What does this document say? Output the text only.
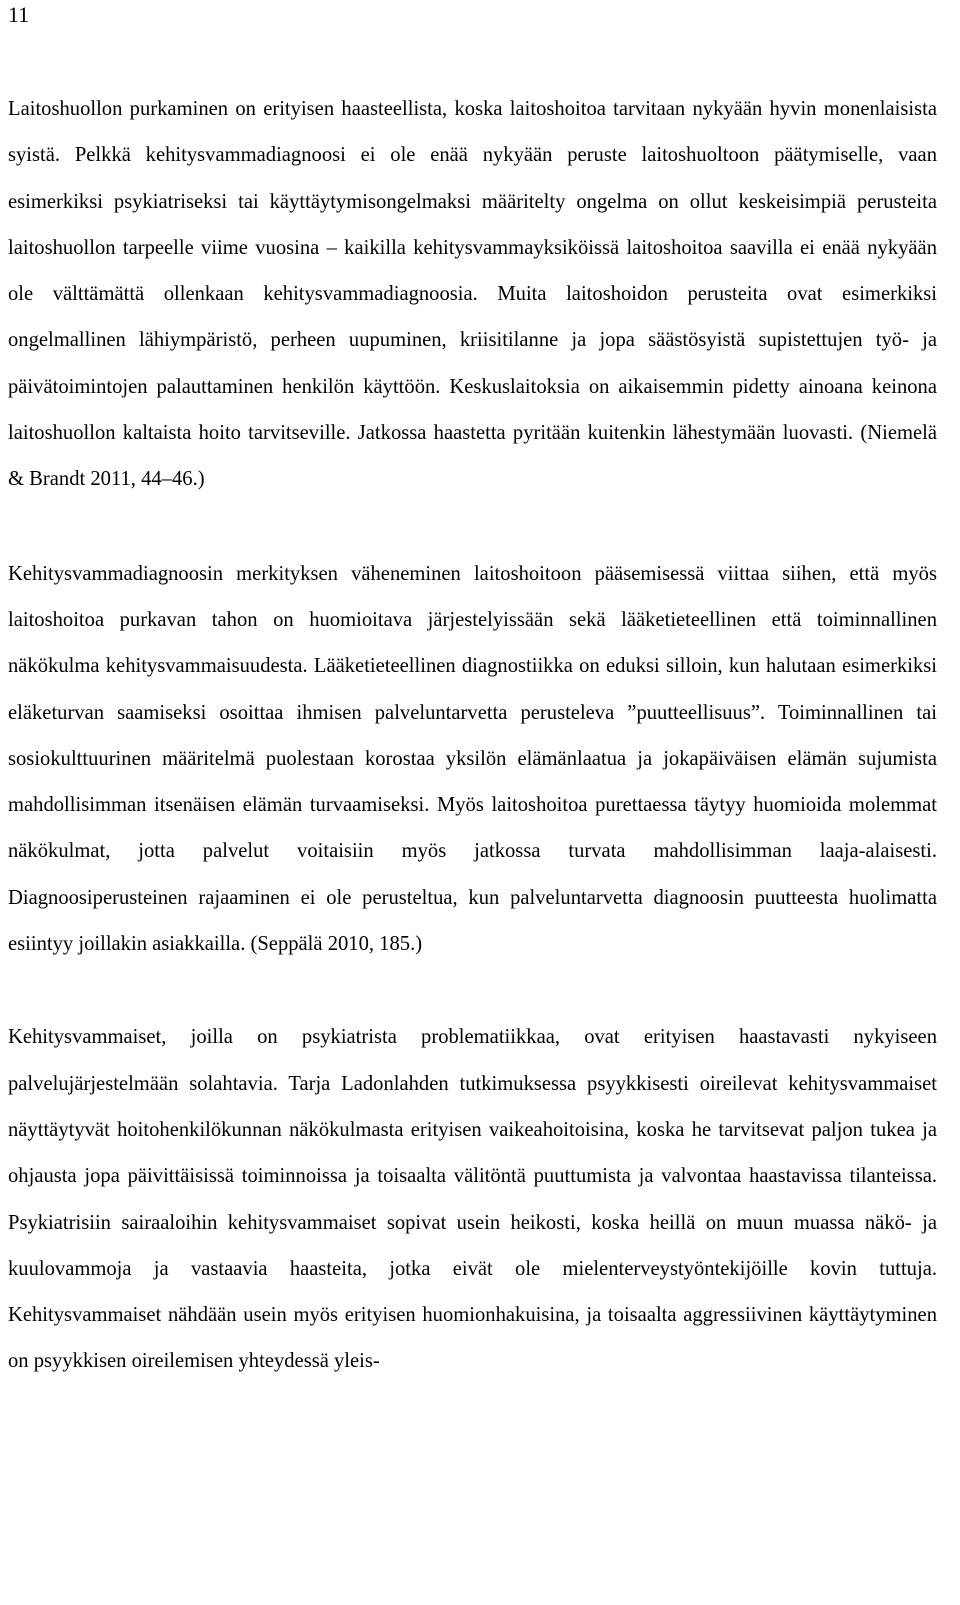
11

Laitoshuollon purkaminen on erityisen haasteellista, koska laitoshoitoa tarvitaan nykyään hyvin monenlaisista syistä. Pelkkä kehitysvammadiagnoosi ei ole enää nykyään peruste laitoshuoltoon päätymiselle, vaan esimerkiksi psykiatriseksi tai käyttäytymisongelmaksi määritelty ongelma on ollut keskeisimpiä perusteita laitoshuollon tarpeelle viime vuosina – kaikilla kehitysvammayksiköissä laitoshoitoa saavilla ei enää nykyään ole välttämättä ollenkaan kehitysvammadiagnoosia. Muita laitoshoidon perusteita ovat esimerkiksi ongelmallinen lähiympäristö, perheen uupuminen, kriisitilanne ja jopa säästösyistä supistettujen työ- ja päivätoimintojen palauttaminen henkilön käyttöön. Keskuslaitoksia on aikaisemmin pidetty ainoana keinona laitoshuollon kaltaista hoito tarvitseville. Jatkossa haastetta pyritään kuitenkin lähestymään luovasti. (Niemelä & Brandt 2011, 44–46.)

Kehitysvammadiagnoosin merkityksen väheneminen laitoshoitoon pääsemisessä viittaa siihen, että myös laitoshoitoa purkavan tahon on huomioitava järjestelyissään sekä lääketieteellinen että toiminnallinen näkökulma kehitysvammaisuudesta. Lääketieteellinen diagnostiikka on eduksi silloin, kun halutaan esimerkiksi eläketurvan saamiseksi osoittaa ihmisen palveluntarvetta perusteleva ”puutteellisuus”. Toiminnallinen tai sosiokulttuurinen määritelmä puolestaan korostaa yksilön elämänlaatua ja jokapäiväisen elämän sujumista mahdollisimman itsenäisen elämän turvaamiseksi. Myös laitoshoitoa purettaessa täytyy huomioida molemmat näkökulmat, jotta palvelut voitaisiin myös jatkossa turvata mahdollisimman laaja-alaisesti. Diagnoosiperusteinen rajaaminen ei ole perusteltua, kun palveluntarvetta diagnoosin puutteesta huolimatta esiintyy joillakin asiakkailla. (Seppälä 2010, 185.)

Kehitysvammaiset, joilla on psykiatrista problematiikkaa, ovat erityisen haastavasti nykyiseen palvelujärjestelmään solahtavia. Tarja Ladonlahden tutkimuksessa psyykkisesti oireilevat kehitysvammaiset näyttäytyvät hoitohenkilökunnan näkökulmasta erityisen vaikeahoitoisina, koska he tarvitsevat paljon tukea ja ohjausta jopa päivittäisissä toiminnoissa ja toisaalta välitöntä puuttumista ja valvontaa haastavissa tilanteissa. Psykiatrisiin sairaaloihin kehitysvammaiset sopivat usein heikosti, koska heillä on muun muassa näkö- ja kuulovammoja ja vastaavia haasteita, jotka eivät ole mielenterveystyöntekijöille kovin tuttuja. Kehitysvammaiset nähdään usein myös erityisen huomionhakuisina, ja toisaalta aggressiivinen käyttäytyminen on psyykkisen oireilemisen yhteydessä yleis-
